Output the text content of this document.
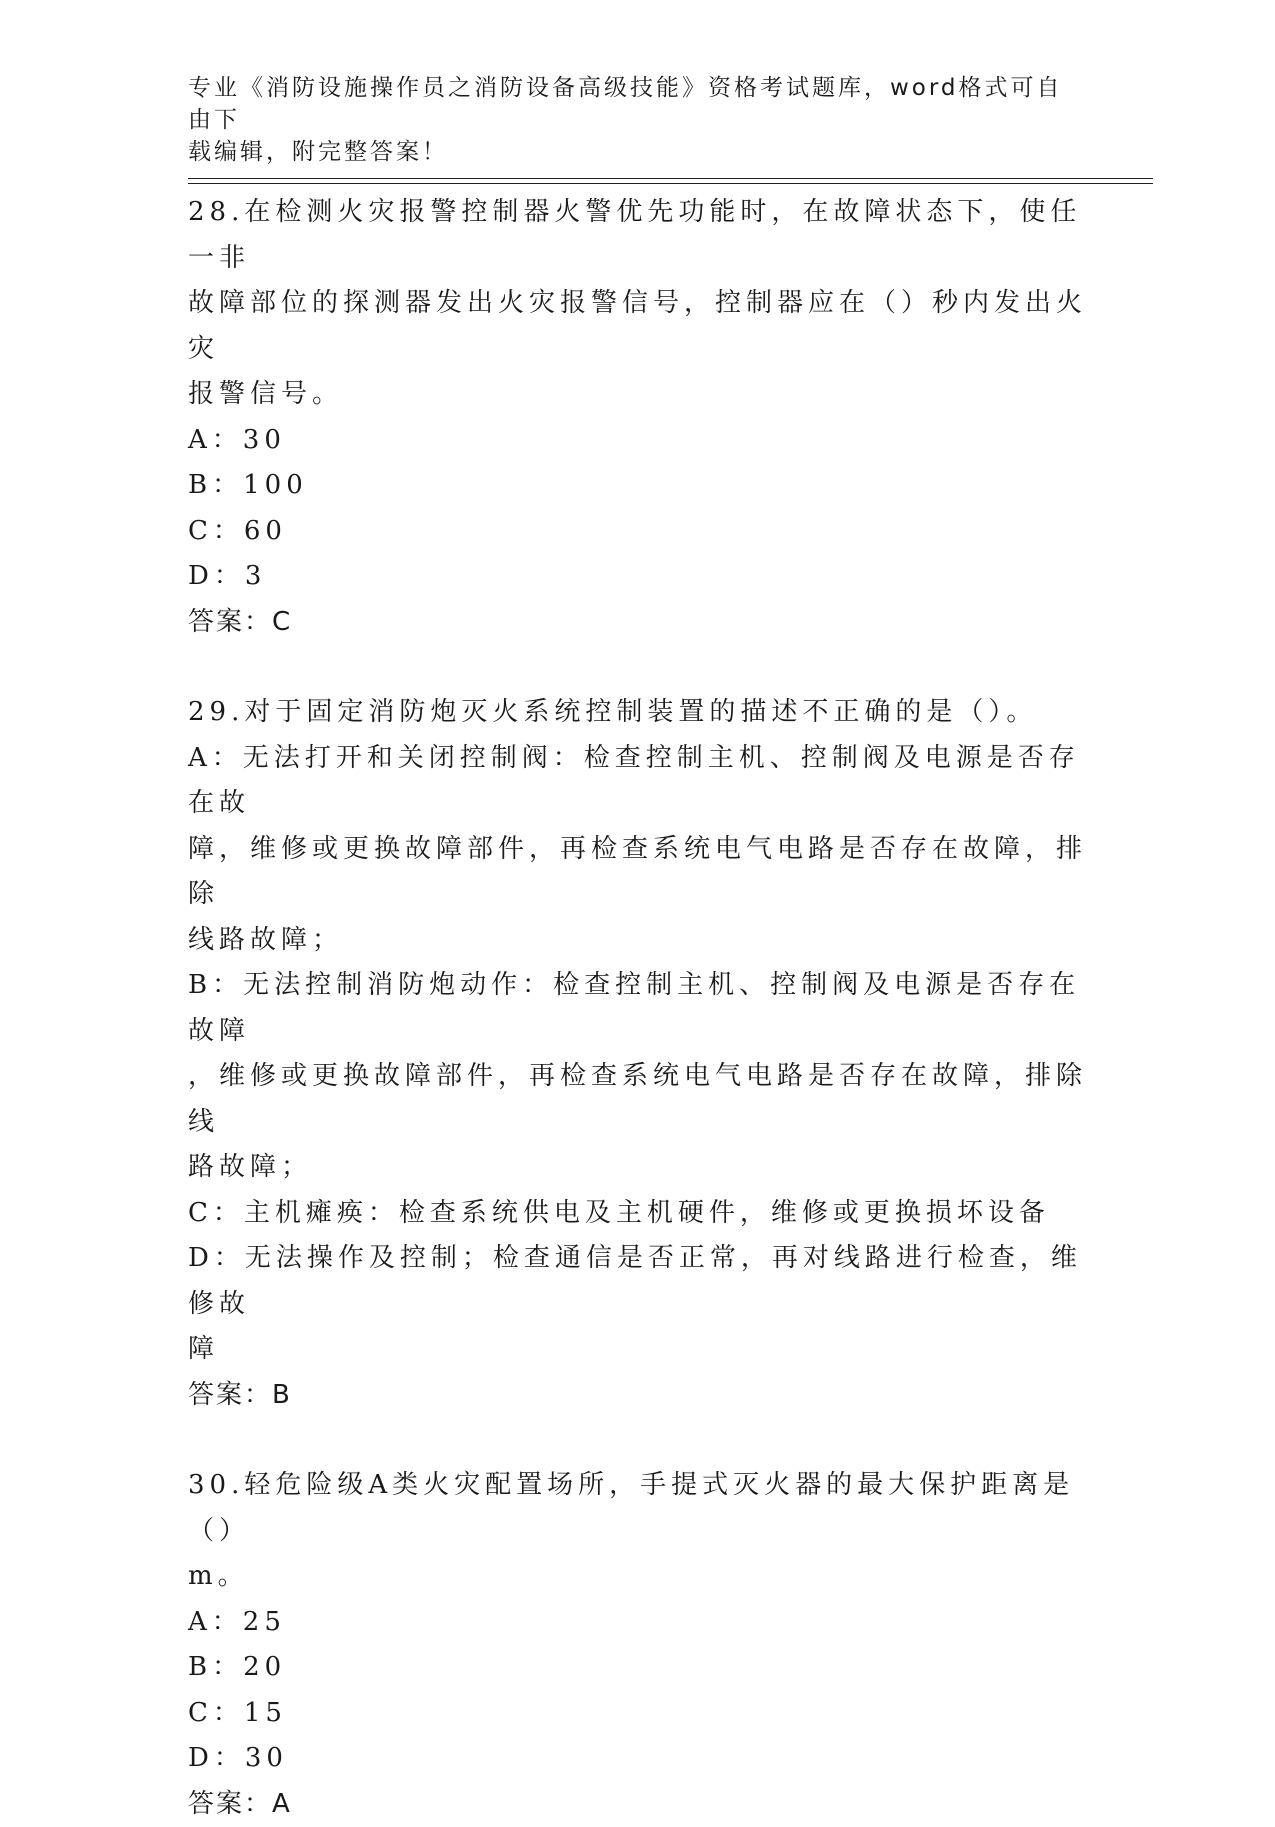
专业《消防设施操作员之消防设备高级技能》资格考试题库，word格式可自由下
载编辑，附完整答案！

28.在检测火灾报警控制器火警优先功能时，在故障状态下，使任一非

故障部位的探测器发出火灾报警信号，控制器应在（）秒内发出火灾

报警信号。

A：30

B：100

C：60

D：3

答案：C

29.对于固定消防炮灭火系统控制装置的描述不正确的是（）。

A：无法打开和关闭控制阀：检查控制主机、控制阀及电源是否存在故

障，维修或更换故障部件，再检查系统电气电路是否存在故障，排除

线路故障；

B：无法控制消防炮动作：检查控制主机、控制阀及电源是否存在故障

，维修或更换故障部件，再检查系统电气电路是否存在故障，排除线

路故障；

C：主机瘫痪：检查系统供电及主机硬件，维修或更换损坏设备

D：无法操作及控制；检查通信是否正常，再对线路进行检查，维修故

障

答案：B

30.轻危险级A类火灾配置场所，手提式灭火器的最大保护距离是（）

m。

A：25

B：20

C：15

D：30

答案：A
